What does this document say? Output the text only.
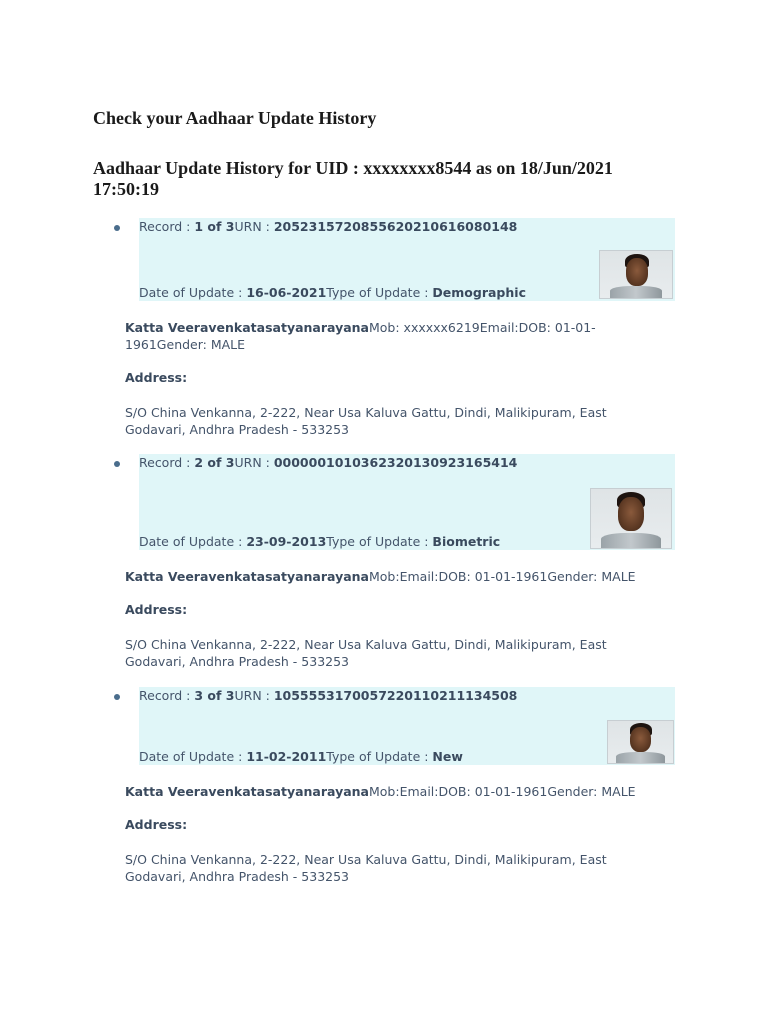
Check your Aadhaar Update History
Aadhaar Update History for UID : xxxxxxxx8544 as on 18/Jun/2021 17:50:19
Record : 1 of 3URN : 2052315720855620210616080148
Date of Update : 16-06-2021Type of Update : Demographic
Katta VeeravenkatasatyanarayanaMob: xxxxxx6219Email:DOB: 01-01-1961Gender: MALE
Address:
S/O China Venkanna, 2-222, Near Usa Kaluva Gattu, Dindi, Malikipuram, East Godavari, Andhra Pradesh - 533253
Record : 2 of 3URN : 0000001010362320130923165414
Date of Update : 23-09-2013Type of Update : Biometric
Katta VeeravenkatasatyanarayanaMob:Email:DOB: 01-01-1961Gender: MALE
Address:
S/O China Venkanna, 2-222, Near Usa Kaluva Gattu, Dindi, Malikipuram, East Godavari, Andhra Pradesh - 533253
Record : 3 of 3URN : 1055553170057220110211134508
Date of Update : 11-02-2011Type of Update : New
Katta VeeravenkatasatyanarayanaMob:Email:DOB: 01-01-1961Gender: MALE
Address:
S/O China Venkanna, 2-222, Near Usa Kaluva Gattu, Dindi, Malikipuram, East Godavari, Andhra Pradesh - 533253
